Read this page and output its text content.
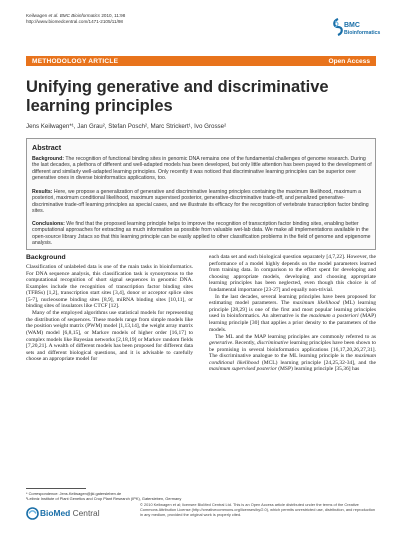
Keilwagen et al. BMC Bioinformatics 2010, 11:98
http://www.biomedcentral.com/1471-2105/11/98
BMC
Bioinformatics
METHODOLOGY ARTICLE	Open Access
Unifying generative and discriminative learning principles
Jens Keilwagen*¹, Jan Grau², Stefan Posch², Marc Strickert¹, Ivo Grosse²
Abstract

Background: The recognition of functional binding sites in genomic DNA remains one of the fundamental challenges of genome research. During the last decades, a plethora of different and well-adapted models has been developed, but only little attention has been payed to the development of different and similarly well-adapted learning principles. Only recently it was noticed that discriminative learning principles can be superior over generative ones in diverse bioinformatics applications, too.

Results: Here, we propose a generalization of generative and discriminative learning principles containing the maximum likelihood, maximum a posteriori, maximum conditional likelihood, maximum supervised posterior, generative-discriminative trade-off, and penalized generative-discriminative trade-off learning principles as special cases, and we illustrate its efficacy for the recognition of vertebrate transcription factor binding sites.

Conclusions: We find that the proposed learning principle helps to improve the recognition of transcription factor binding sites, enabling better computational approaches for extracting as much information as possible from valuable wet-lab data. We make all implementations available in the open-source library Jstacs so that this learning principle can be easily applied to other classification problems in the field of genome and epigenome analysis.

Background

Classification of unlabeled data is one of the main tasks in bioinformatics. For DNA sequence analysis, this classification task is synonymous to the computational recognition of short signal sequences in genomic DNA. Examples include the recognition of transcription factor binding sites (TFBSs) [1,2], transcription start sites [3,4], donor or acceptor splice sites [5-7], nucleosome binding sites [8,9], miRNA binding sites [10,11], or binding sites of insulators like CTCF [12].

Many of the employed algorithms use statistical models for representing the distribution of sequences. These models range from simple models like the position weight matrix (PWM) model [1,13,14], the weight array matrix (WAM) model [6,8,15], or Markov models of higher order [16,17] to complex models like Bayesian networks [2,18,19] or Markov random fields [7,20,21]. A wealth of different models has been proposed for different data sets and different biological questions, and it is advisable to carefully choose an appropriate model for

each data set and each biological question separately [4,7,22]. However, the performance of a model highly depends on the model parameters learned from training data. In comparison to the effort spent for developing and choosing appropriate models, developing and choosing appropriate learning principles has been neglected, even though this choice is of fundamental importance [23-27] and equally non-trivial.

In the last decades, several learning principles have been proposed for estimating model parameters. The maximum likelihood (ML) learning principle [28,29] is one of the first and most popular learning principles used in bioinformatics. An alternative is the maximum a posteriori (MAP) learning principle [30] that applies a prior density to the parameters of the models.

The ML and the MAP learning principles are commonly referred to as generative. Recently, discriminative learning principles have been shown to be promising in several bioinformatics applications [16,17,20,26,27,31]. The discriminative analogue to the ML learning principle is the maximum conditional likelihood (MCL) learning principle [24,25,32-34], and the maximum supervised posterior (MSP) learning principle [35,36] has

* Correspondence: Jens.Keilwagen@jki.gatersleben.de
¹Leibniz Institute of Plant Genetics and Crop Plant Research (IPK), Gatersleben, Germany
BioMed Central
© 2010 Keilwagen et al; licensee BioMed Central Ltd. This is an Open Access article distributed under the terms of the Creative Commons Attribution License (http://creativecommons.org/licenses/by/2.0), which permits unrestricted use, distribution, and reproduction in any medium, provided the original work is properly cited.
